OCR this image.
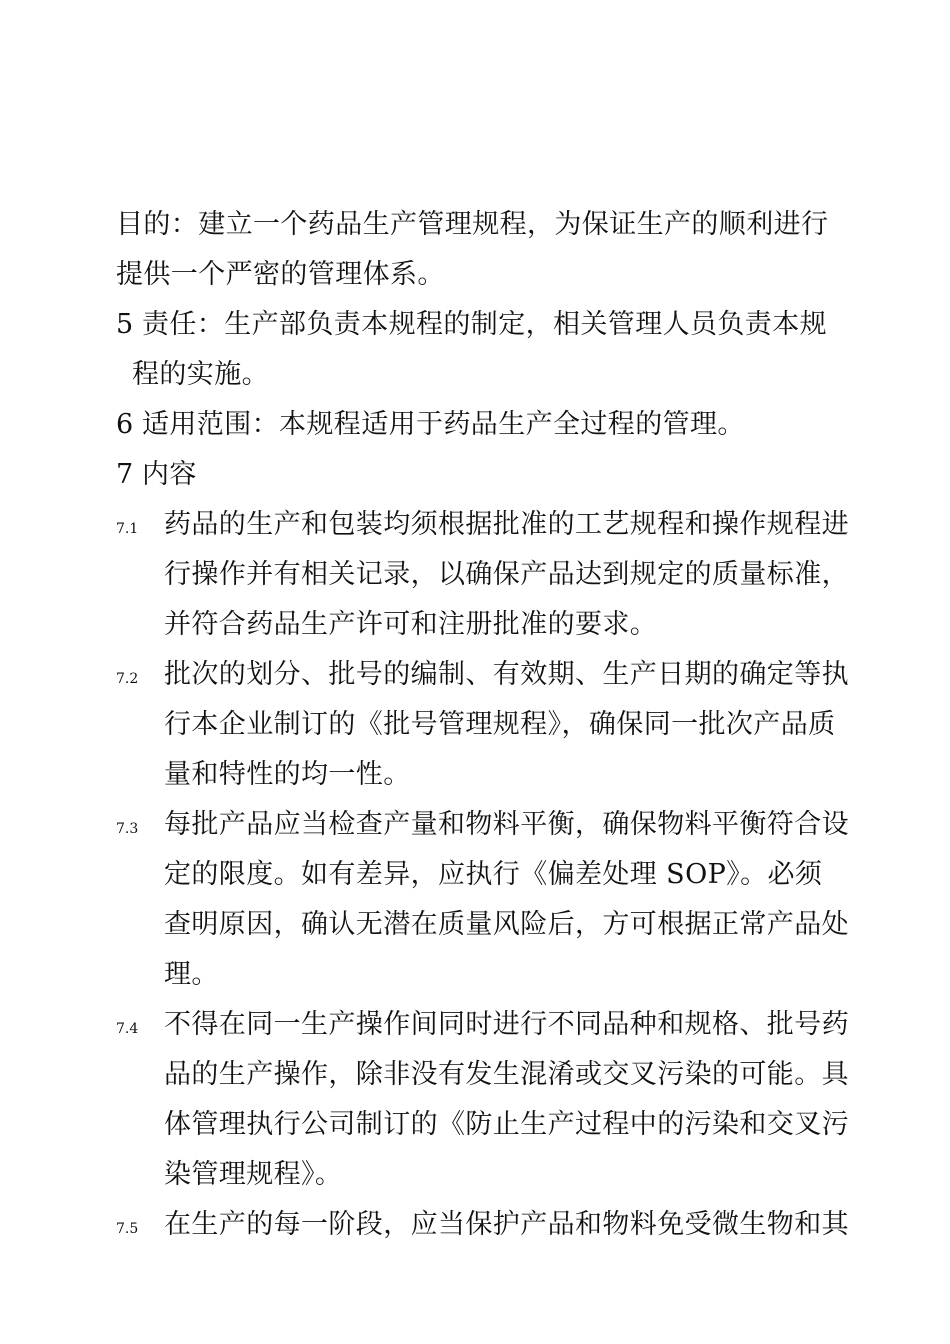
目的：建立一个药品生产管理规程，为保证生产的顺利进行
提供一个严密的管理体系。
5 责任：生产部负责本规程的制定，相关管理人员负责本规
程的实施。
6 适用范围：本规程适用于药品生产全过程的管理。
7 内容
7.1 药品的生产和包装均须根据批准的工艺规程和操作规程进
行操作并有相关记录，以确保产品达到规定的质量标准，
并符合药品生产许可和注册批准的要求。
7.2 批次的划分、批号的编制、有效期、生产日期的确定等执
行本企业制订的《批号管理规程》，确保同一批次产品质
量和特性的均一性。
7.3 每批产品应当检查产量和物料平衡，确保物料平衡符合设
定的限度。如有差异，应执行《偏差处理 SOP》。必须
查明原因，确认无潜在质量风险后，方可根据正常产品处
理。
7.4 不得在同一生产操作间同时进行不同品种和规格、批号药
品的生产操作，除非没有发生混淆或交叉污染的可能。具
体管理执行公司制订的《防止生产过程中的污染和交叉污
染管理规程》。
7.5 在生产的每一阶段，应当保护产品和物料免受微生物和其
